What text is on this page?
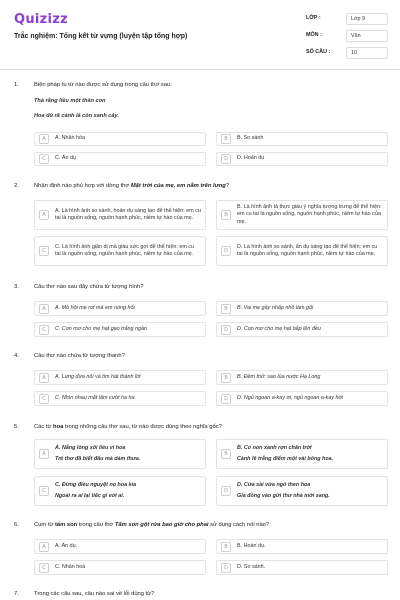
Quizizz
Trắc nghiệm: Tổng kết từ vựng (luyện tập tổng hợp)
LỚP :	Lớp 9
MÔN :	Văn
SỐ CÂU :	10
1.	Biện pháp tu từ nào được sử dụng trong câu thơ sau:
Thà rằng liều một thân con
Hoa dù rã cánh lá còn xanh cây.
A	A. Nhân hóa	B	B. So sánh
C	C. Ẩn dụ	D	D. Hoán dụ
2.	Nhận định nào phù hợp với dòng thơ Mặt trời của mẹ, em nằm trên lưng?
A
A. Là hình ảnh so sánh, hoán dụ sáng tạo để thể hiện: em cu tai là nguồn sống, nguồn hạnh phúc, niềm tự hào của mẹ.	B
B. Là hình ảnh tả thực giàu ý nghĩa tượng trưng để thể hiện: em cu tai là nguồn sống, nguồn hạnh phúc, niềm tự hào của mẹ.
C
C. Là hình ảnh giản dị mà giàu sức gợi để thể hiện: em cu tai là nguồn sống, nguồn hạnh phúc, niềm tự hào của mẹ.	D
D. Là hình ảnh so sánh, ẩn dụ sáng tạo để thể hiện: em cu tai là nguồn sống, nguồn hạnh phúc, niềm tự hào của mẹ.
3.	Câu thơ nào sau đây chứa từ tượng hình?
A	A. Mồ hôi mẹ rơi má em nóng hổi	B	B. Vai mẹ gầy nhấp nhô làm gối
C	C. Con mơ cho mẹ hạt gạo trắng ngần	D	D. Con mơ cho mẹ hạt bắp lên đều
4.	Câu thơ nào chứa từ tượng thanh?
A	A. Lưng đưa nôi và tim hát thành lời	B	B. Đêm thở: sao lùa nước Hạ Long
C	C. Nhìn nhau mặt lấm cười ha ha	D	D. Ngủ ngoan a-kay ơi, ngủ ngoan a-kay hời
5.	Các từ hoa trong những câu thơ sau, từ nào được dùng theo nghĩa gốc?
A
A. Nắng lòng xôi liều vì hoa
Trẻ thơ đã biết đâu mà dám thưa.
B
B. Có non xanh rợn chân trời
Cành lê trắng điểm một vài bông hoa.
C
C. Đừng điều nguyệt nọ hoa kia
Ngoài ra ai lại tiếc gì với ai.
D
D. Cửa sài vừa ngỏ then hoa
Gia đồng vào gửi thư nhà mới sang.
6.	Cụm từ tấm son trong câu thơ Tấm son gột rửa bao giờ cho phai sử dụng cách nói nào?
A	A. Ẩn dụ.	B	B. Hoán dụ.
C	C. Nhân hoá	D	D. So sánh.
7.	Trong các câu sau, câu nào sai về lỗi dùng từ?
